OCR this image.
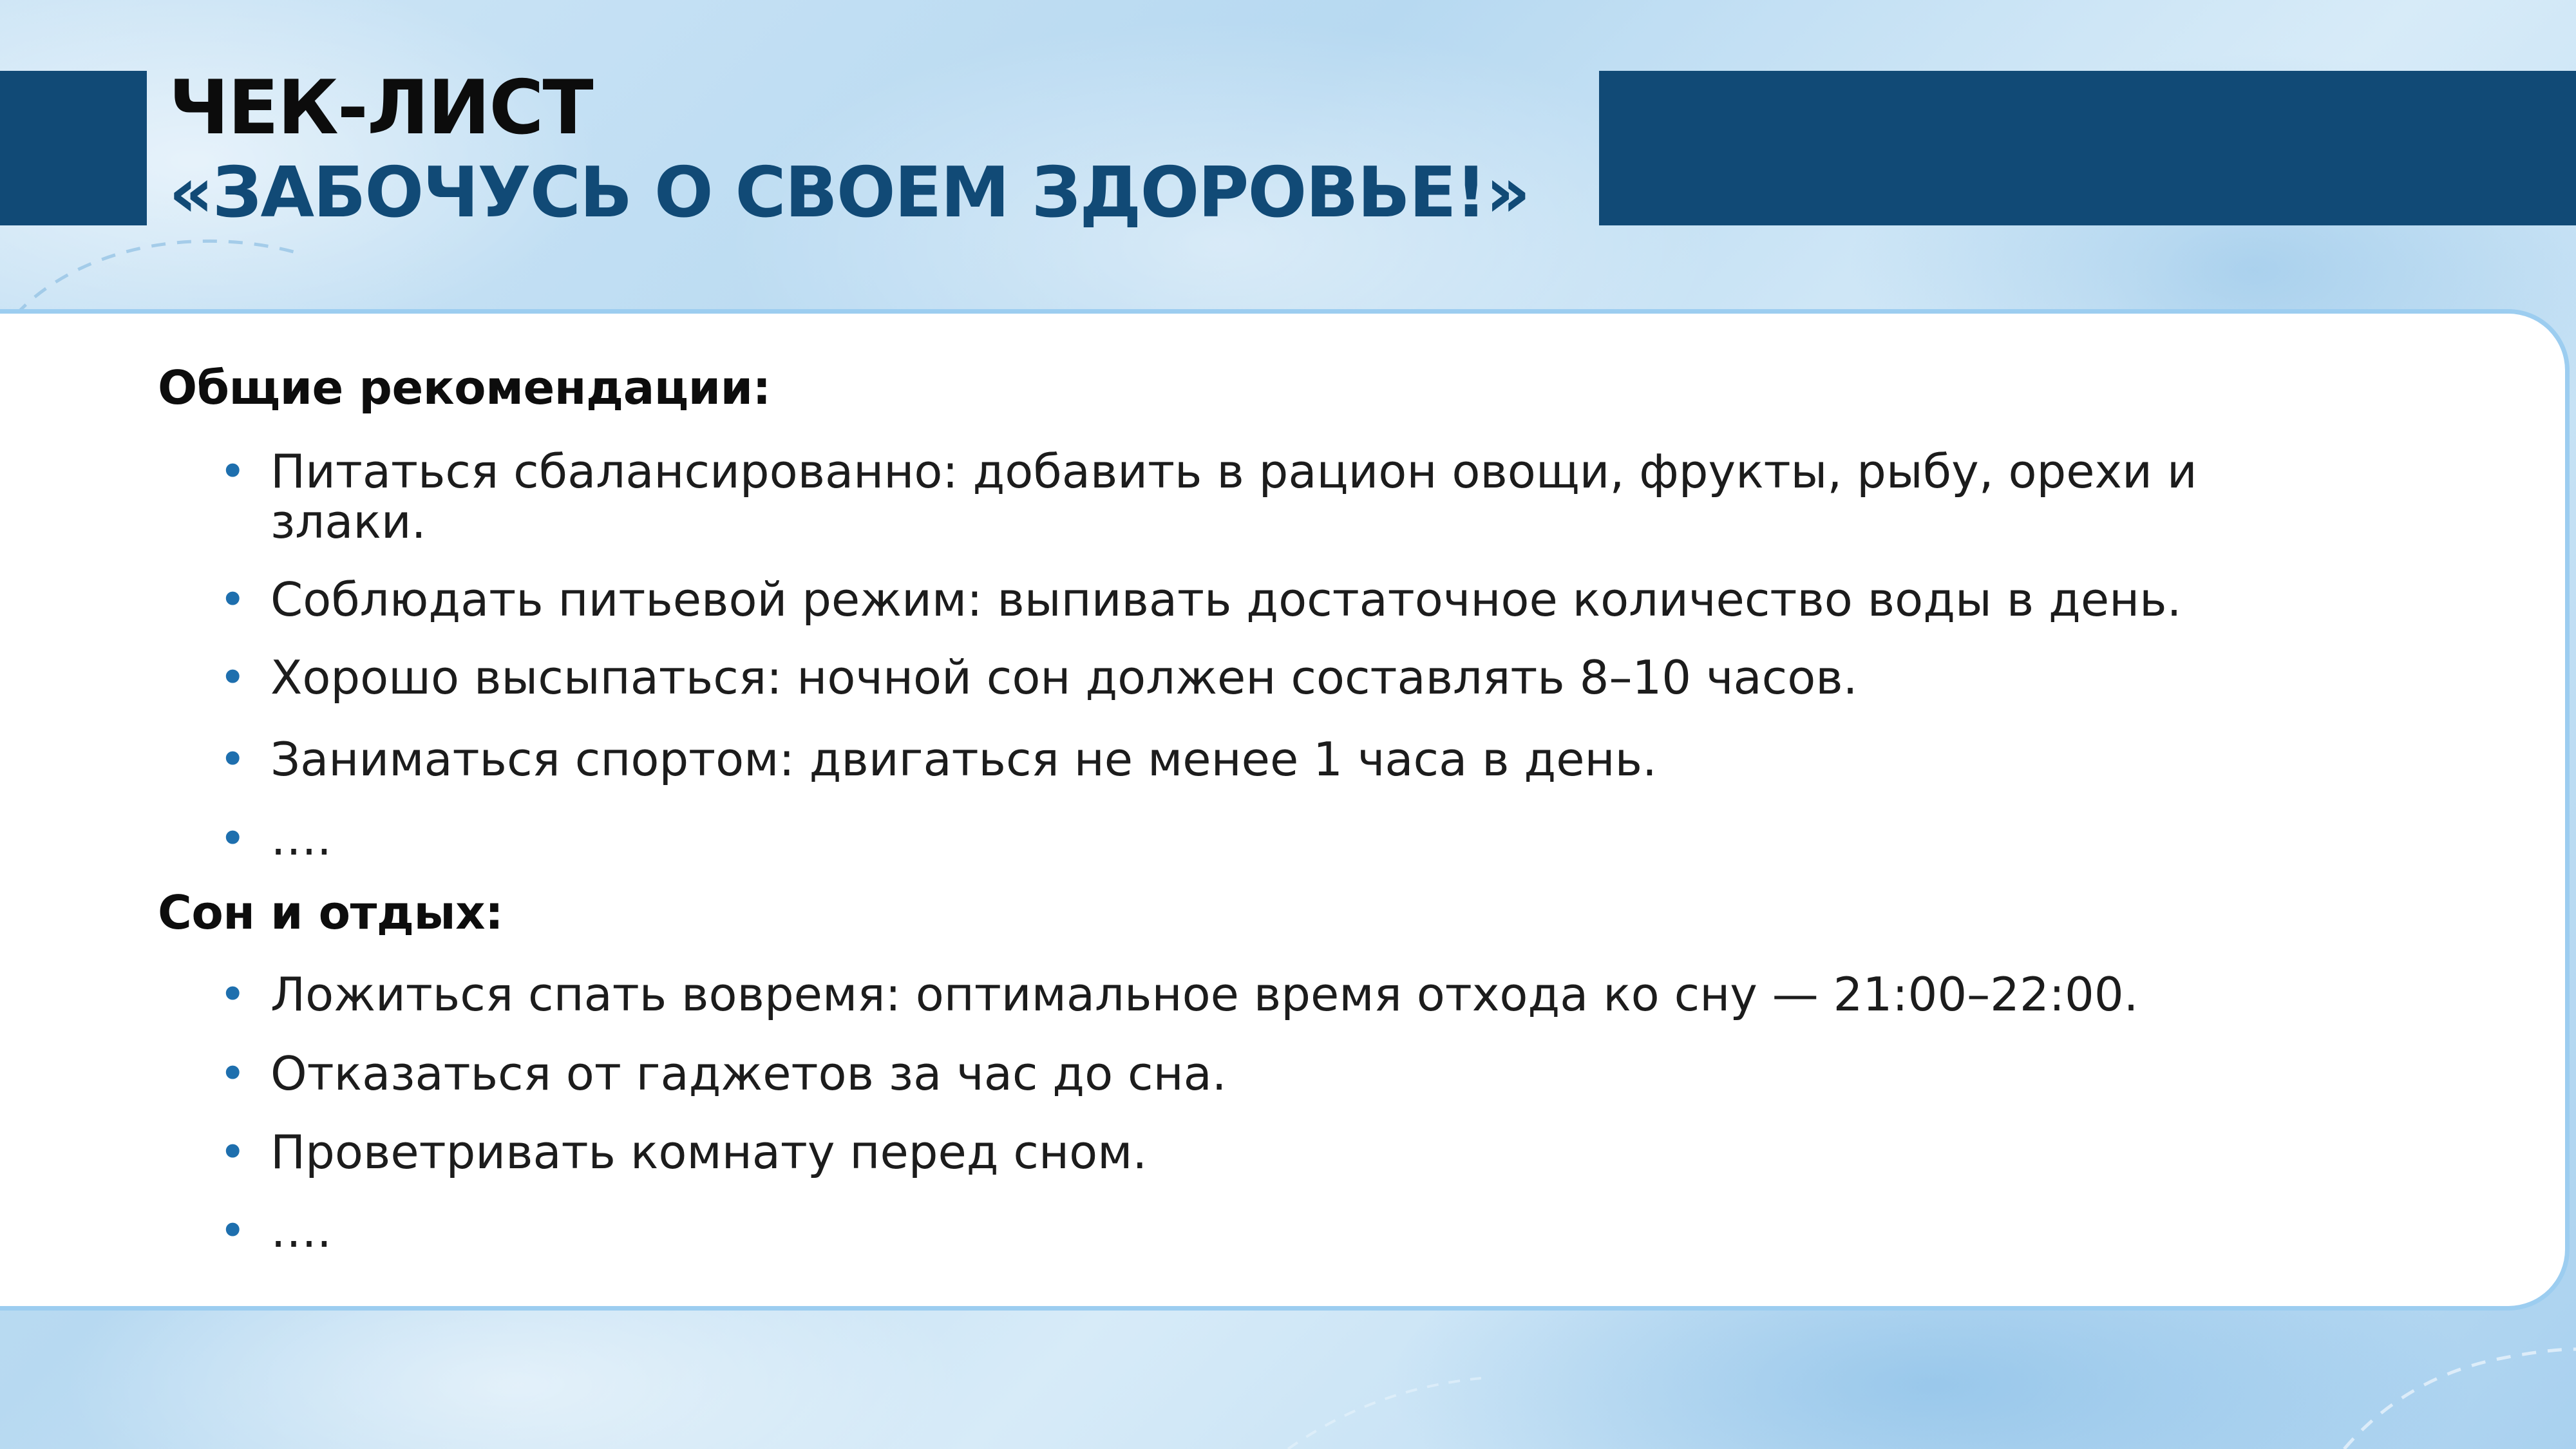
ЧЕК-ЛИСТ
«ЗАБОЧУСЬ О СВОЕМ ЗДОРОВЬЕ!»
Общие рекомендации:
• Питаться сбалансированно: добавить в рацион овощи, фрукты, рыбу, орехи и злаки.
• Соблюдать питьевой режим: выпивать достаточное количество воды в день.
• Хорошо высыпаться: ночной сон должен составлять 8–10 часов.
• Заниматься спортом: двигаться не менее 1 часа в день.
• ….
Сон и отдых:
• Ложиться спать вовремя: оптимальное время отхода ко сну — 21:00–22:00.
• Отказаться от гаджетов за час до сна.
• Проветривать комнату перед сном.
• ….
